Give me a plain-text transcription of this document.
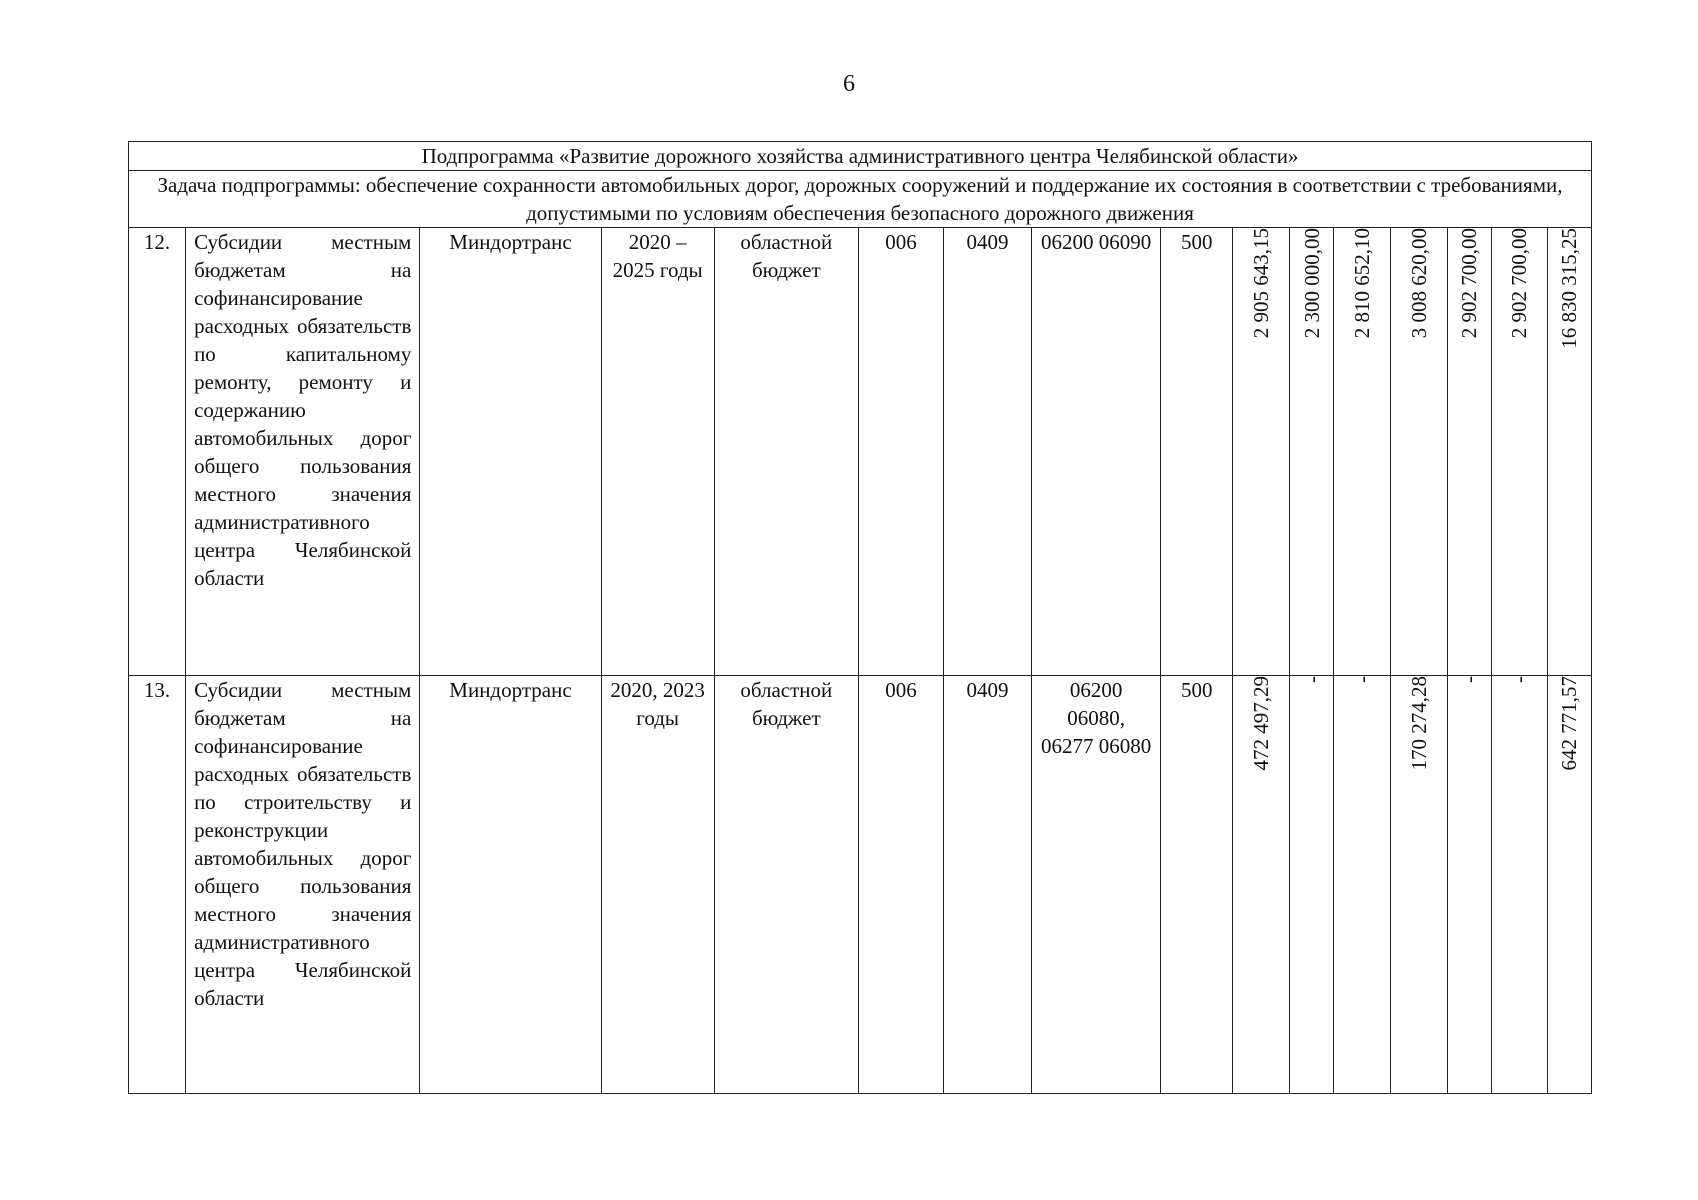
6
Подпрограмма «Развитие дорожного хозяйства административного центра Челябинской области»															
Задача подпрограммы: обеспечение сохранности автомобильных дорог, дорожных сооружений и поддержание их состояния в соответствии с требованиями, допустимыми по условиям обеспечения безопасного дорожного движения															
12.	Субсидии местным бюджетам на софинансирование расходных обязательств по капитальному ремонту, ремонту и содержанию автомобильных дорог общего пользования местного значения административного центра Челябинской области	Миндортранс	2020 – 2025 годы	областной бюджет	006	0409	06200 06090	500	2 905 643,15	2 300 000,00	2 810 652,10	3 008 620,00	2 902 700,00	2 902 700,00	16 830 315,25

13.	Субсидии местным бюджетам на софинансирование расходных обязательств по строительству и реконструкции автомобильных дорог общего пользования местного значения административного центра Челябинской области	Миндортранс	2020, 2023 годы	областной бюджет	006	0409	06200 06080, 06277 06080	500	472 497,29	-	-	170 274,28	-	-	642 771,57
